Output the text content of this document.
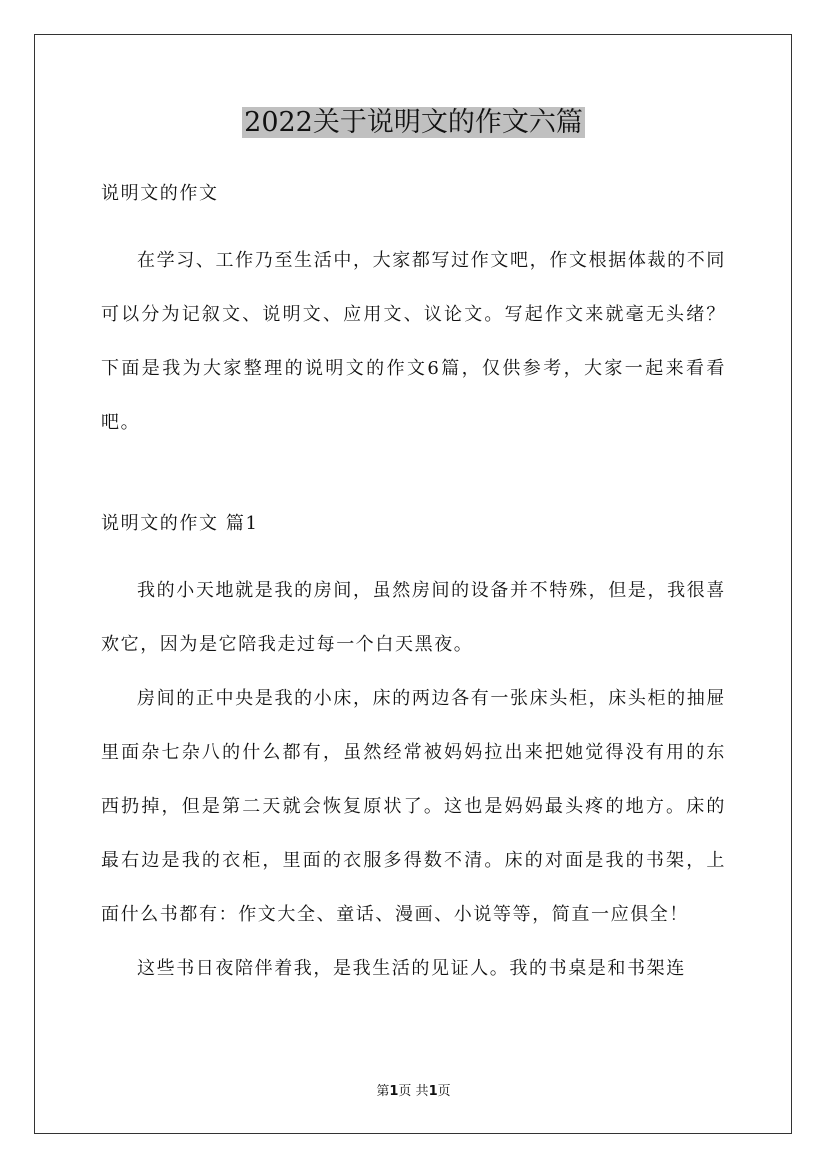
2022关于说明文的作文六篇

说明文的作文

在学习、工作乃至生活中，大家都写过作文吧，作文根据体裁的不同可以分为记叙文、说明文、应用文、议论文。写起作文来就毫无头绪？下面是我为大家整理的说明文的作文6篇，仅供参考，大家一起来看看吧。

说明文的作文 篇1

我的小天地就是我的房间，虽然房间的设备并不特殊，但是，我很喜欢它，因为是它陪我走过每一个白天黑夜。

房间的正中央是我的小床，床的两边各有一张床头柜，床头柜的抽屉里面杂七杂八的什么都有，虽然经常被妈妈拉出来把她觉得没有用的东西扔掉，但是第二天就会恢复原状了。这也是妈妈最头疼的地方。床的最右边是我的衣柜，里面的衣服多得数不清。床的对面是我的书架，上面什么书都有：作文大全、童话、漫画、小说等等，简直一应俱全！

这些书日夜陪伴着我，是我生活的见证人。我的书桌是和书架连

第1页 共1页
